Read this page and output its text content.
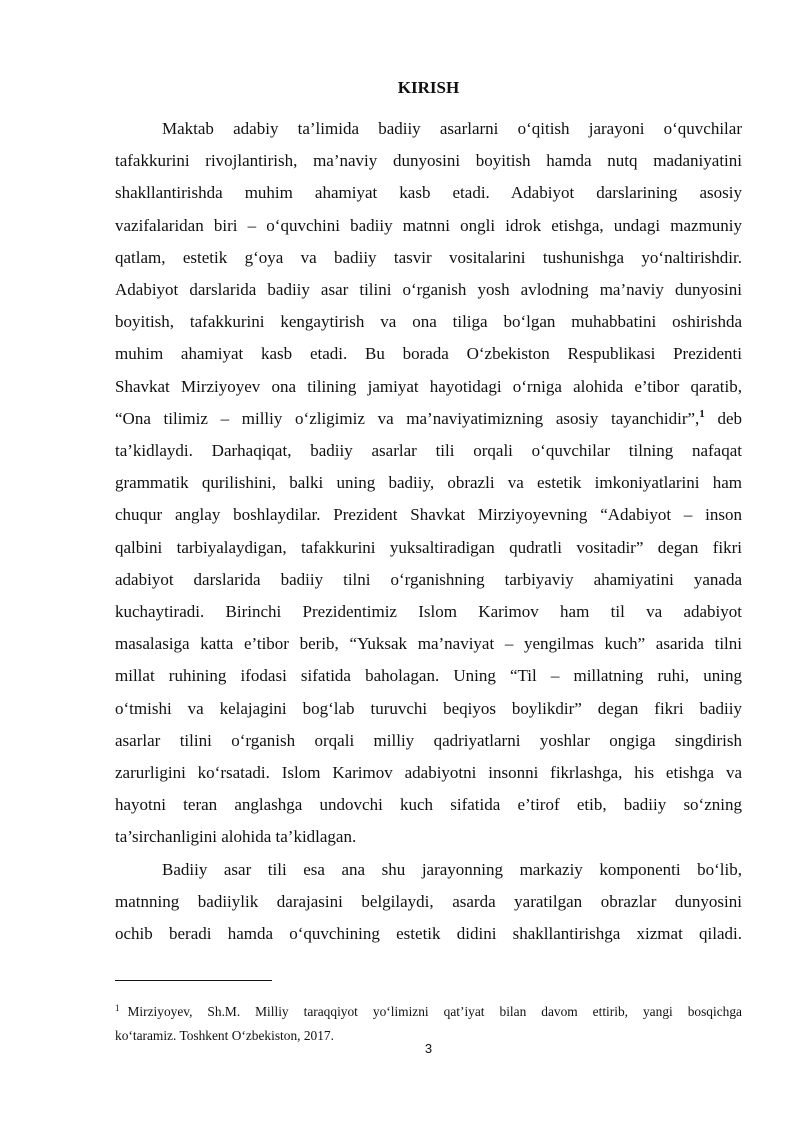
KIRISH

Maktab adabiy ta’limida badiiy asarlarni o‘qitish jarayoni o‘quvchilar
tafakkurini rivojlantirish, ma’naviy dunyosini boyitish hamda nutq madaniyatini
shakllantirishda muhim ahamiyat kasb etadi. Adabiyot darslarining asosiy
vazifalaridan biri – o‘quvchini badiiy matnni ongli idrok etishga, undagi mazmuniy
qatlam, estetik g‘oya va badiiy tasvir vositalarini tushunishga yo‘naltirishdir.
Adabiyot darslarida badiiy asar tilini o‘rganish yosh avlodning ma’naviy dunyosini
boyitish, tafakkurini kengaytirish va ona tiliga bo‘lgan muhabbatini oshirishda
muhim ahamiyat kasb etadi. Bu borada O‘zbekiston Respublikasi Prezidenti
Shavkat Mirziyoyev ona tilining jamiyat hayotidagi o‘rniga alohida e’tibor qaratib,
“Ona tilimiz – milliy o‘zligimiz va ma’naviyatimizning asosiy tayanchidir”,$^1$ deb
ta’kidlaydi. Darhaqiqat, badiiy asarlar tili orqali o‘quvchilar tilning nafaqat
grammatik qurilishini, balki uning badiiy, obrazli va estetik imkoniyatlarini ham
chuqur anglay boshlaydilar. Prezident Shavkat Mirziyoyevning “Adabiyot – inson
qalbini tarbiyalaydigan, tafakkurini yuksaltiradigan qudratli vositadir” degan fikri
adabiyot darslarida badiiy tilni o‘rganishning tarbiyaviy ahamiyatini yanada
kuchaytiradi. Birinchi Prezidentimiz Islom Karimov ham til va adabiyot
masalasiga katta e’tibor berib, “Yuksak ma’naviyat – yengilmas kuch” asarida tilni
millat ruhining ifodasi sifatida baholagan. Uning “Til – millatning ruhi, uning
o‘tmishi va kelajagini bog‘lab turuvchi beqiyos boylikdir” degan fikri badiiy
asarlar tilini o‘rganish orqali milliy qadriyatlarni yoshlar ongiga singdirish
zarurligini ko‘rsatadi. Islom Karimov adabiyotni insonni fikrlashga, his etishga va
hayotni teran anglashga undovchi kuch sifatida e’tirof etib, badiiy so‘zning
ta’sirchanligini alohida ta’kidlagan.

Badiiy asar tili esa ana shu jarayonning markaziy komponenti bo‘lib,
matnning badiiylik darajasini belgilaydi, asarda yaratilgan obrazlar dunyosini
ochib beradi hamda o‘quvchining estetik didini shakllantirishga xizmat qiladi.

$^1$ Mirziyoyev, Sh.M. Milliy taraqqiyot yo‘limizni qat’iyat bilan davom ettirib, yangi bosqichga
ko‘taramiz. Toshkent O‘zbekiston, 2017.
3
